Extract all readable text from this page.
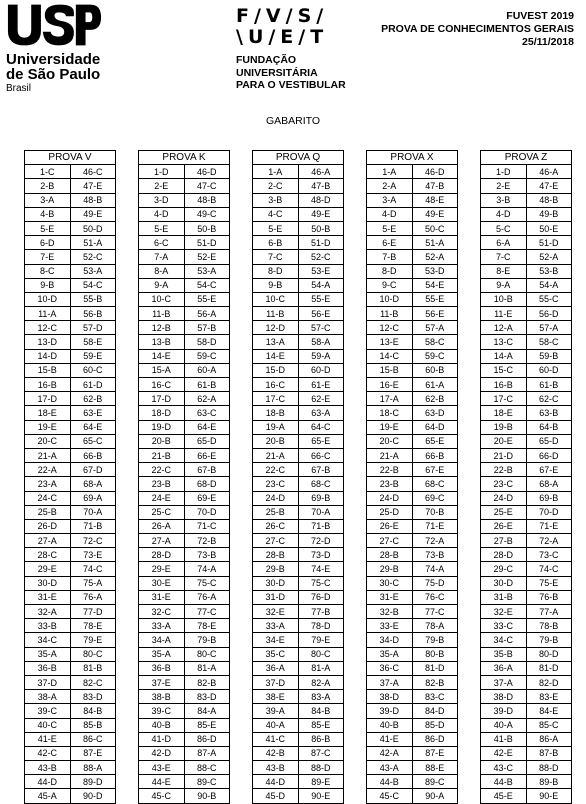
Universidade
de São Paulo
Brasil
F/V/S/
\U/E/T
FUNDAÇÃO
UNIVERSITÁRIA
PARA O VESTIBULAR
FUVEST 2019
PROVA DE CONHECIMENTOS GERAIS
25/11/2018
GABARITO
PROVA V	
1-C	46-C
2-B	47-E
3-A	48-B
4-B	49-E
5-E	50-D
6-D	51-A
7-E	52-C
8-C	53-A
9-B	54-C
10-D	55-B
11-A	56-B
12-C	57-D
13-D	58-E
14-D	59-E
15-B	60-C
16-B	61-D
17-D	62-B
18-E	63-E
19-E	64-E
20-C	65-C
21-A	66-B
22-A	67-D
23-A	68-A
24-C	69-A
25-B	70-A
26-D	71-B
27-A	72-C
28-C	73-E
29-E	74-C
30-D	75-A
31-E	76-A
32-A	77-D
33-B	78-E
34-C	79-E
35-A	80-C
36-B	81-B
37-D	82-C
38-A	83-D
39-C	84-B
40-C	85-B
41-E	86-C
42-C	87-E
43-B	88-A
44-D	89-D
45-A	90-D
PROVA K	
1-D	46-D
2-E	47-C
3-D	48-B
4-D	49-C
5-E	50-B
6-C	51-D
7-A	52-E
8-A	53-A
9-A	54-C
10-C	55-E
11-B	56-A
12-B	57-B
13-B	58-D
14-E	59-C
15-A	60-A
16-C	61-B
17-D	62-A
18-D	63-C
19-D	64-E
20-B	65-D
21-B	66-E
22-C	67-B
23-B	68-D
24-E	69-E
25-C	70-D
26-A	71-C
27-A	72-B
28-D	73-B
29-E	74-A
30-E	75-C
31-E	76-A
32-C	77-C
33-A	78-E
34-A	79-B
35-A	80-C
36-B	81-A
37-E	82-B
38-B	83-D
39-C	84-A
40-B	85-E
41-D	86-D
42-D	87-A
43-E	88-C
44-E	89-C
45-C	90-B
PROVA Q	
1-A	46-A
2-C	47-B
3-B	48-D
4-C	49-E
5-E	50-B
6-B	51-D
7-C	52-C
8-D	53-E
9-B	54-A
10-C	55-E
11-B	56-E
12-D	57-C
13-A	58-A
14-E	59-A
15-D	60-D
16-C	61-E
17-C	62-E
18-B	63-A
19-A	64-C
20-B	65-E
21-A	66-C
22-C	67-B
23-C	68-C
24-D	69-B
25-B	70-A
26-C	71-B
27-C	72-D
28-B	73-D
29-B	74-E
30-D	75-C
31-D	76-D
32-E	77-B
33-A	78-D
34-E	79-E
35-C	80-C
36-A	81-A
37-D	82-A
38-E	83-A
39-A	84-B
40-A	85-E
41-C	86-B
42-B	87-C
43-B	88-D
44-D	89-E
45-D	90-E
PROVA X	
1-A	46-D
2-A	47-B
3-A	48-E
4-D	49-E
5-E	50-C
6-E	51-A
7-B	52-A
8-D	53-D
9-C	54-E
10-D	55-E
11-B	56-E
12-C	57-A
13-E	58-C
14-C	59-C
15-B	60-B
16-E	61-A
17-A	62-B
18-C	63-D
19-E	64-D
20-C	65-E
21-A	66-B
22-B	67-E
23-B	68-C
24-D	69-C
25-D	70-B
26-E	71-E
27-C	72-A
28-B	73-B
29-B	74-A
30-C	75-D
31-E	76-C
32-B	77-C
33-E	78-A
34-D	79-B
35-A	80-B
36-C	81-D
37-A	82-B
38-D	83-C
39-D	84-D
40-B	85-D
41-E	86-D
42-A	87-E
43-A	88-E
44-B	89-C
45-C	90-A
PROVA Z	
1-D	46-A
2-E	47-E
3-B	48-B
4-D	49-B
5-C	50-E
6-A	51-D
7-C	52-A
8-E	53-B
9-A	54-A
10-B	55-C
11-E	56-D
12-A	57-A
13-C	58-C
14-A	59-B
15-C	60-D
16-B	61-B
17-C	62-C
18-E	63-B
19-B	64-B
20-E	65-D
21-D	66-D
22-B	67-E
23-C	68-A
24-D	69-B
25-E	70-D
26-E	71-E
27-B	72-A
28-D	73-C
29-C	74-C
30-D	75-E
31-B	76-B
32-E	77-A
33-C	78-B
34-C	79-B
35-B	80-D
36-A	81-D
37-A	82-D
38-D	83-E
39-D	84-E
40-A	85-C
41-B	86-A
42-E	87-B
43-C	88-D
44-B	89-B
45-E	90-E
